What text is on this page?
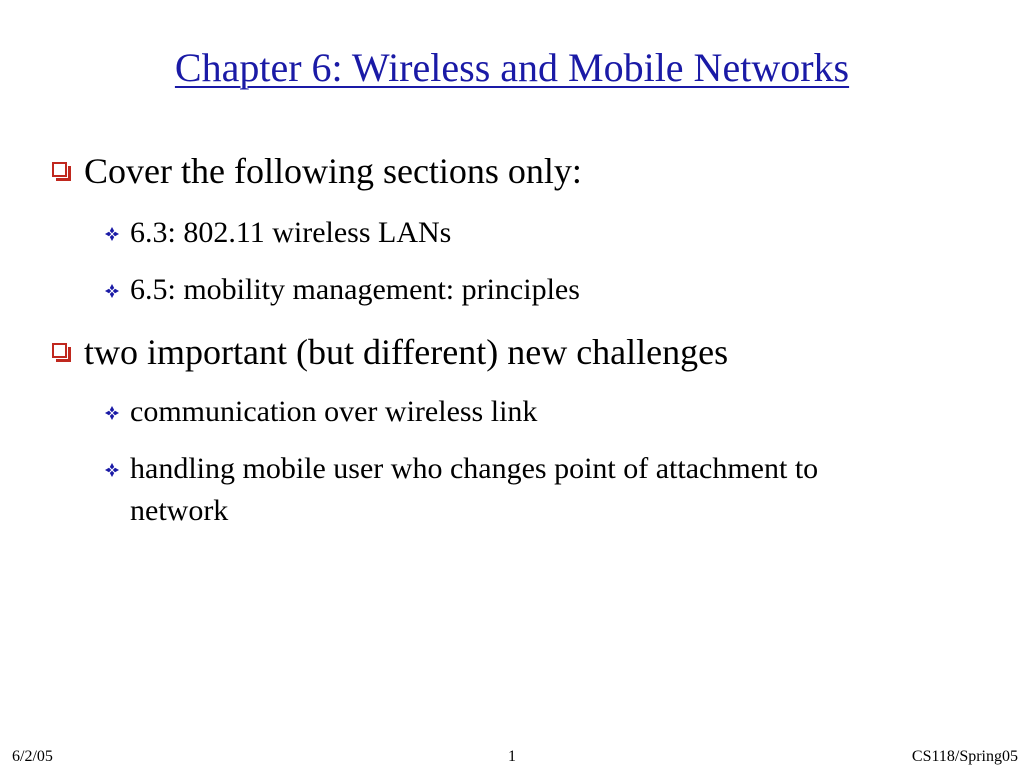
Chapter 6: Wireless and Mobile Networks
Cover the following sections only:
6.3: 802.11 wireless LANs
6.5: mobility management: principles
two important (but different) new challenges
communication over wireless link
handling mobile user who changes point of attachment to network
6/2/05	1	CS118/Spring05
